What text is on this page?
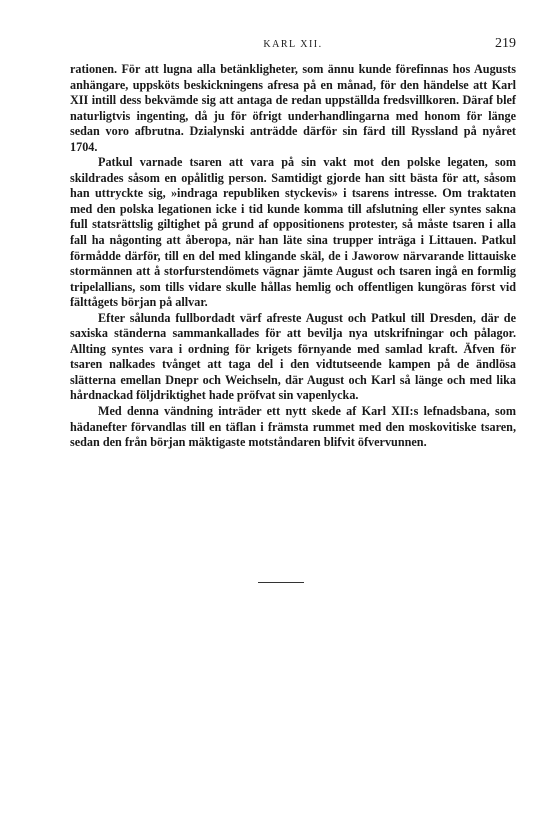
KARL XII.	219

rationen. För att lugna alla betänkligheter, som ännu kunde förefinnas hos Augusts anhängare, uppsköts beskickningens afresa på en månad, för den händelse att Karl XII intill dess bekvämde sig att antaga de redan uppställda fredsvillkoren. Däraf blef naturligtvis ingenting, då ju för öfrigt underhandlingarna med honom för länge sedan voro afbrutna. Dzialynski anträdde därför sin färd till Ryssland på nyåret 1704.

Patkul varnade tsaren att vara på sin vakt mot den polske legaten, som skildrades såsom en opålitlig person. Samtidigt gjorde han sitt bästa för att, såsom han uttryckte sig, »indraga republiken styckevis» i tsarens intresse. Om traktaten med den polska legationen icke i tid kunde komma till afslutning eller syntes sakna full statsrättslig giltighet på grund af oppositionens protester, så måste tsaren i alla fall ha någonting att åberopa, när han läte sina trupper inträga i Littauen. Patkul förmådde därför, till en del med klingande skäl, de i Jaworow närvarande littauiske stormännen att å storfurstendömets vägnar jämte August och tsaren ingå en formlig tripelallians, som tills vidare skulle hållas hemlig och offentligen kungöras först vid fälttågets början på allvar.

Efter sålunda fullbordadt värf afreste August och Patkul till Dresden, där de saxiska ständerna sammankallades för att bevilja nya utskrifningar och pålagor. Allting syntes vara i ordning för krigets förnyande med samlad kraft. Äfven för tsaren nalkades tvånget att taga del i den vidtutseende kampen på de ändlösa slätterna emellan Dnepr och Weichseln, där August och Karl så länge och med lika hårdnackad följdriktighet hade pröfvat sin vapenlycka.

Med denna vändning inträder ett nytt skede af Karl XII:s lefnadsbana, som hädanefter förvandlas till en täflan i främsta rummet med den moskovitiske tsaren, sedan den från början mäktigaste motståndaren blifvit öfvervunnen.
